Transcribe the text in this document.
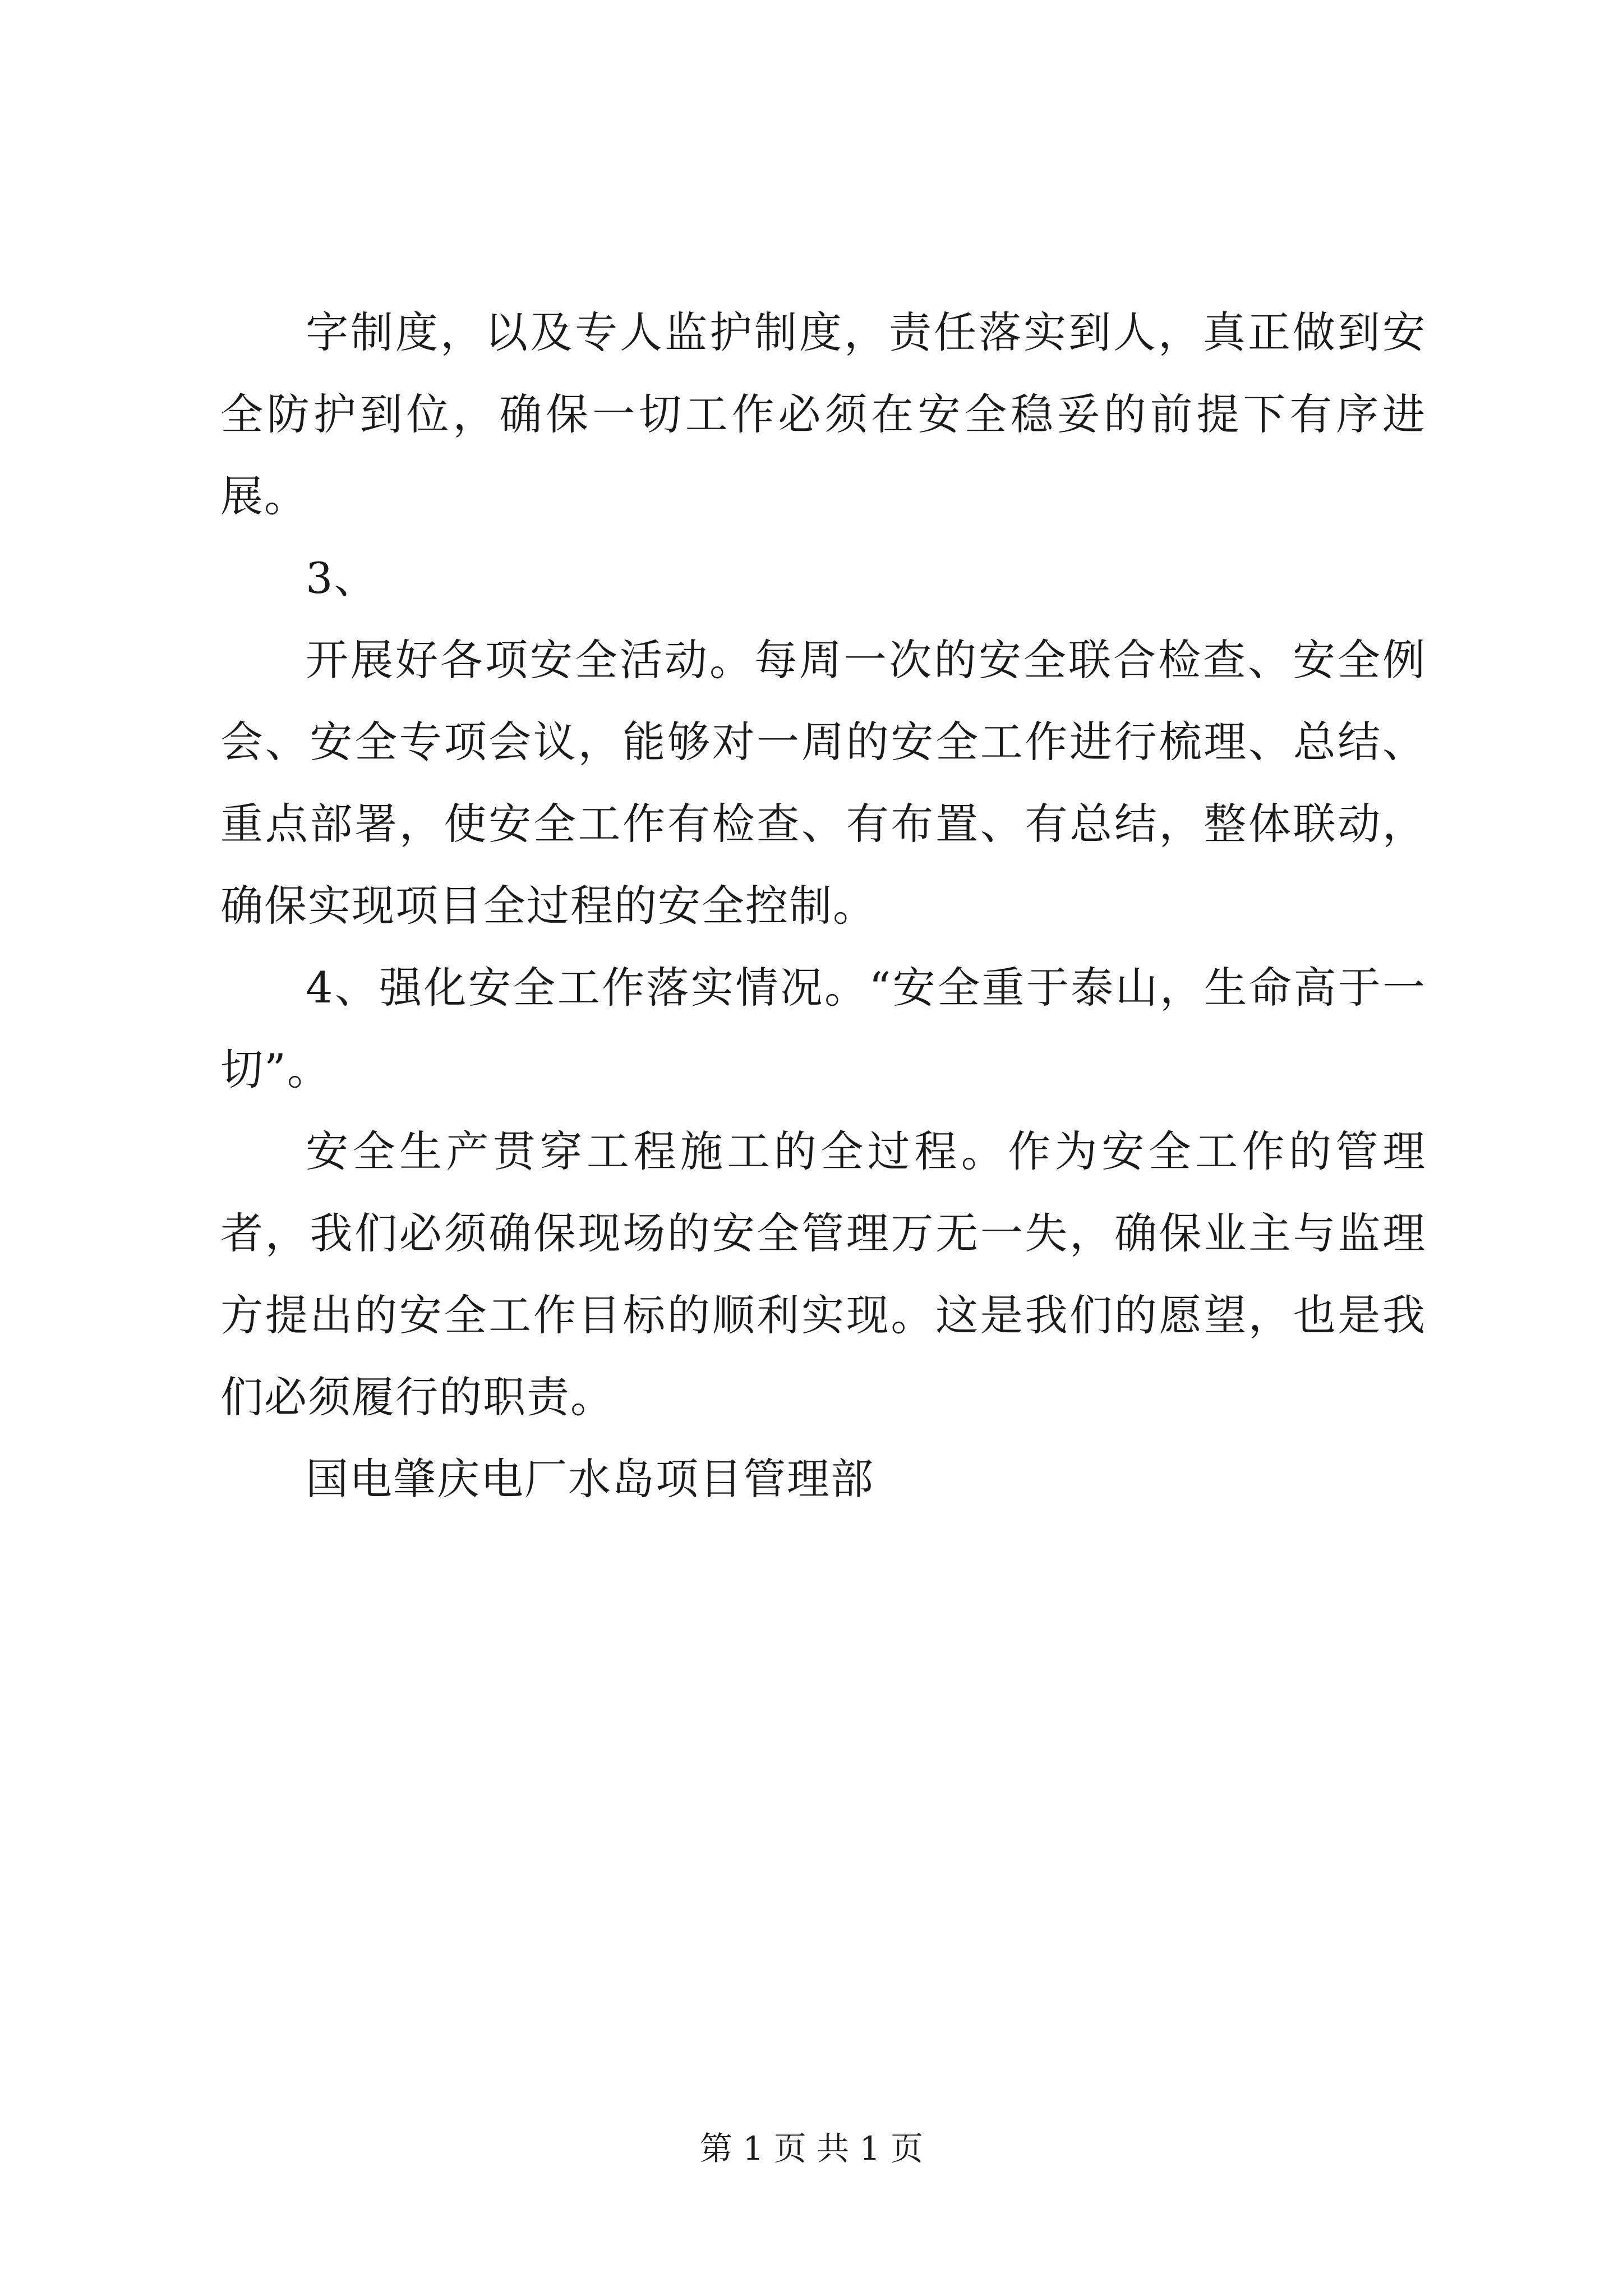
字制度，以及专人监护制度，责任落实到人，真正做到安全防护到位，确保一切工作必须在安全稳妥的前提下有序进展。

3、

开展好各项安全活动。每周一次的安全联合检查、安全例会、安全专项会议，能够对一周的安全工作进行梳理、总结、重点部署，使安全工作有检查、有布置、有总结，整体联动，确保实现项目全过程的安全控制。

4、强化安全工作落实情况。“安全重于泰山，生命高于一切”。

安全生产贯穿工程施工的全过程。作为安全工作的管理者，我们必须确保现场的安全管理万无一失，确保业主与监理方提出的安全工作目标的顺利实现。这是我们的愿望，也是我们必须履行的职责。

国电肇庆电厂水岛项目管理部

第 1 页 共 1 页
